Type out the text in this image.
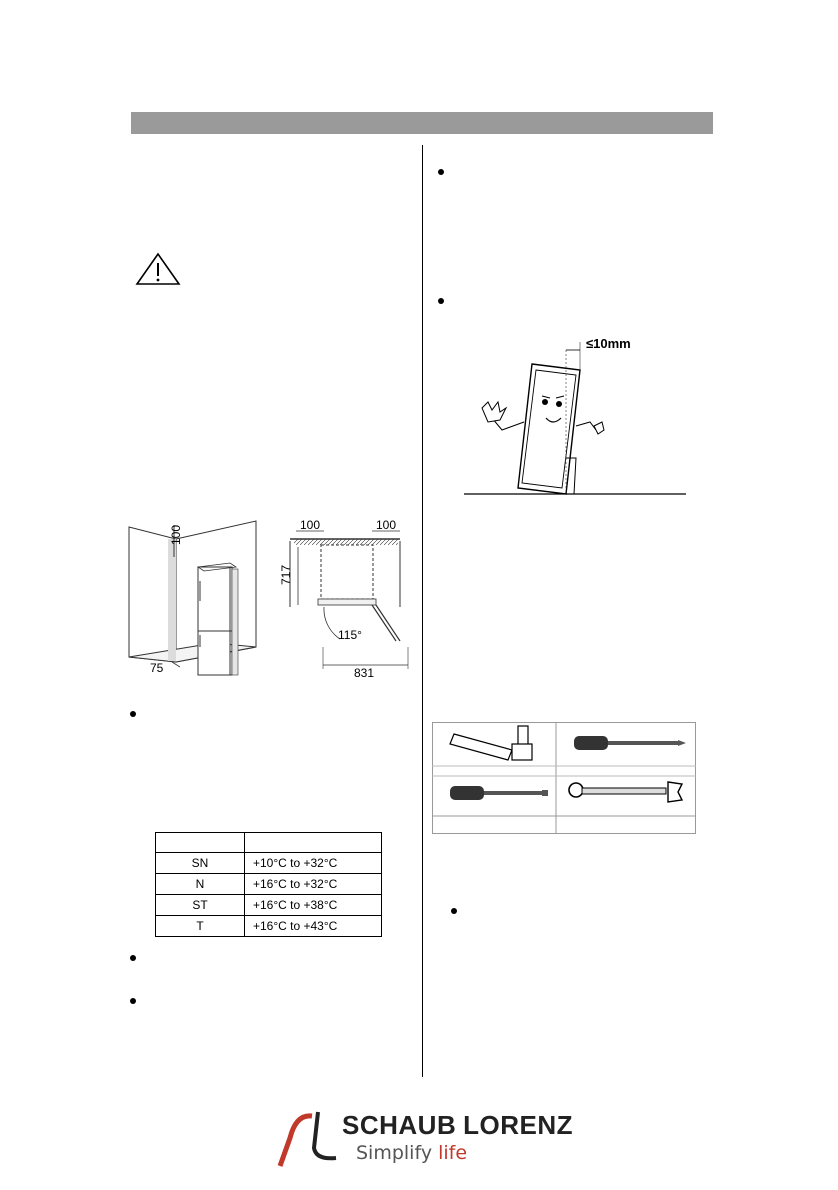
100
75
100	100
717
115°
831

SN	+10°C to +32°C
N	+16°C to +32°C
ST	+16°C to +38°C
T	+16°C to +43°C
≤10mm
SCHAUB LORENZ
Simplify life
